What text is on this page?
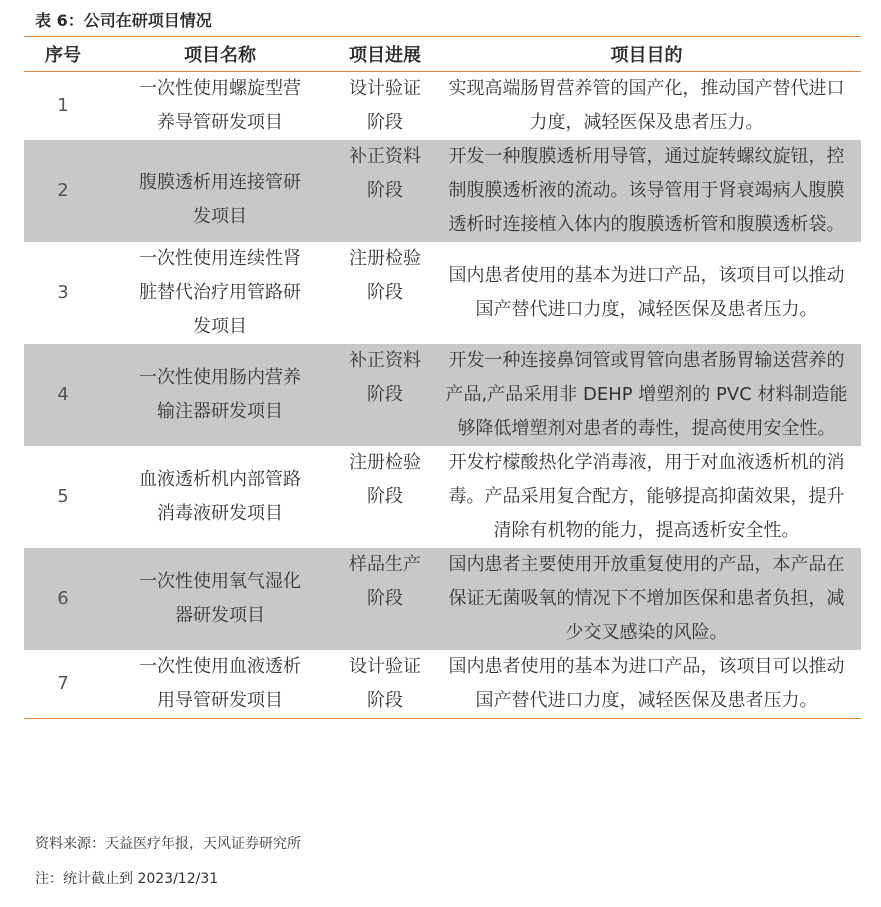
表 6：公司在研项目情况
序号	项目名称	项目进展	项目目的
1	一次性使用螺旋型营养导管研发项目	设计验证阶段	实现高端肠胃营养管的国产化，推动国产替代进口力度，减轻医保及患者压力。
2	腹膜透析用连接管研发项目	补正资料阶段	开发一种腹膜透析用导管，通过旋转螺纹旋钮，控制腹膜透析液的流动。该导管用于肾衰竭病人腹膜透析时连接植入体内的腹膜透析管和腹膜透析袋。
3	一次性使用连续性肾脏替代治疗用管路研发项目	注册检验阶段	国内患者使用的基本为进口产品，该项目可以推动国产替代进口力度，减轻医保及患者压力。
4	一次性使用肠内营养输注器研发项目	补正资料阶段	开发一种连接鼻饲管或胃管向患者肠胃输送营养的产品,产品采用非 DEHP 增塑剂的 PVC 材料制造能够降低增塑剂对患者的毒性，提高使用安全性。
5	血液透析机内部管路消毒液研发项目	注册检验阶段	开发柠檬酸热化学消毒液，用于对血液透析机的消毒。产品采用复合配方，能够提高抑菌效果，提升清除有机物的能力，提高透析安全性。
6	一次性使用氧气湿化器研发项目	样品生产阶段	国内患者主要使用开放重复使用的产品，本产品在保证无菌吸氧的情况下不增加医保和患者负担，减少交叉感染的风险。
7	一次性使用血液透析用导管研发项目	设计验证阶段	国内患者使用的基本为进口产品，该项目可以推动国产替代进口力度，减轻医保及患者压力。
资料来源：天益医疗年报，天风证券研究所
注：统计截止到 2023/12/31
